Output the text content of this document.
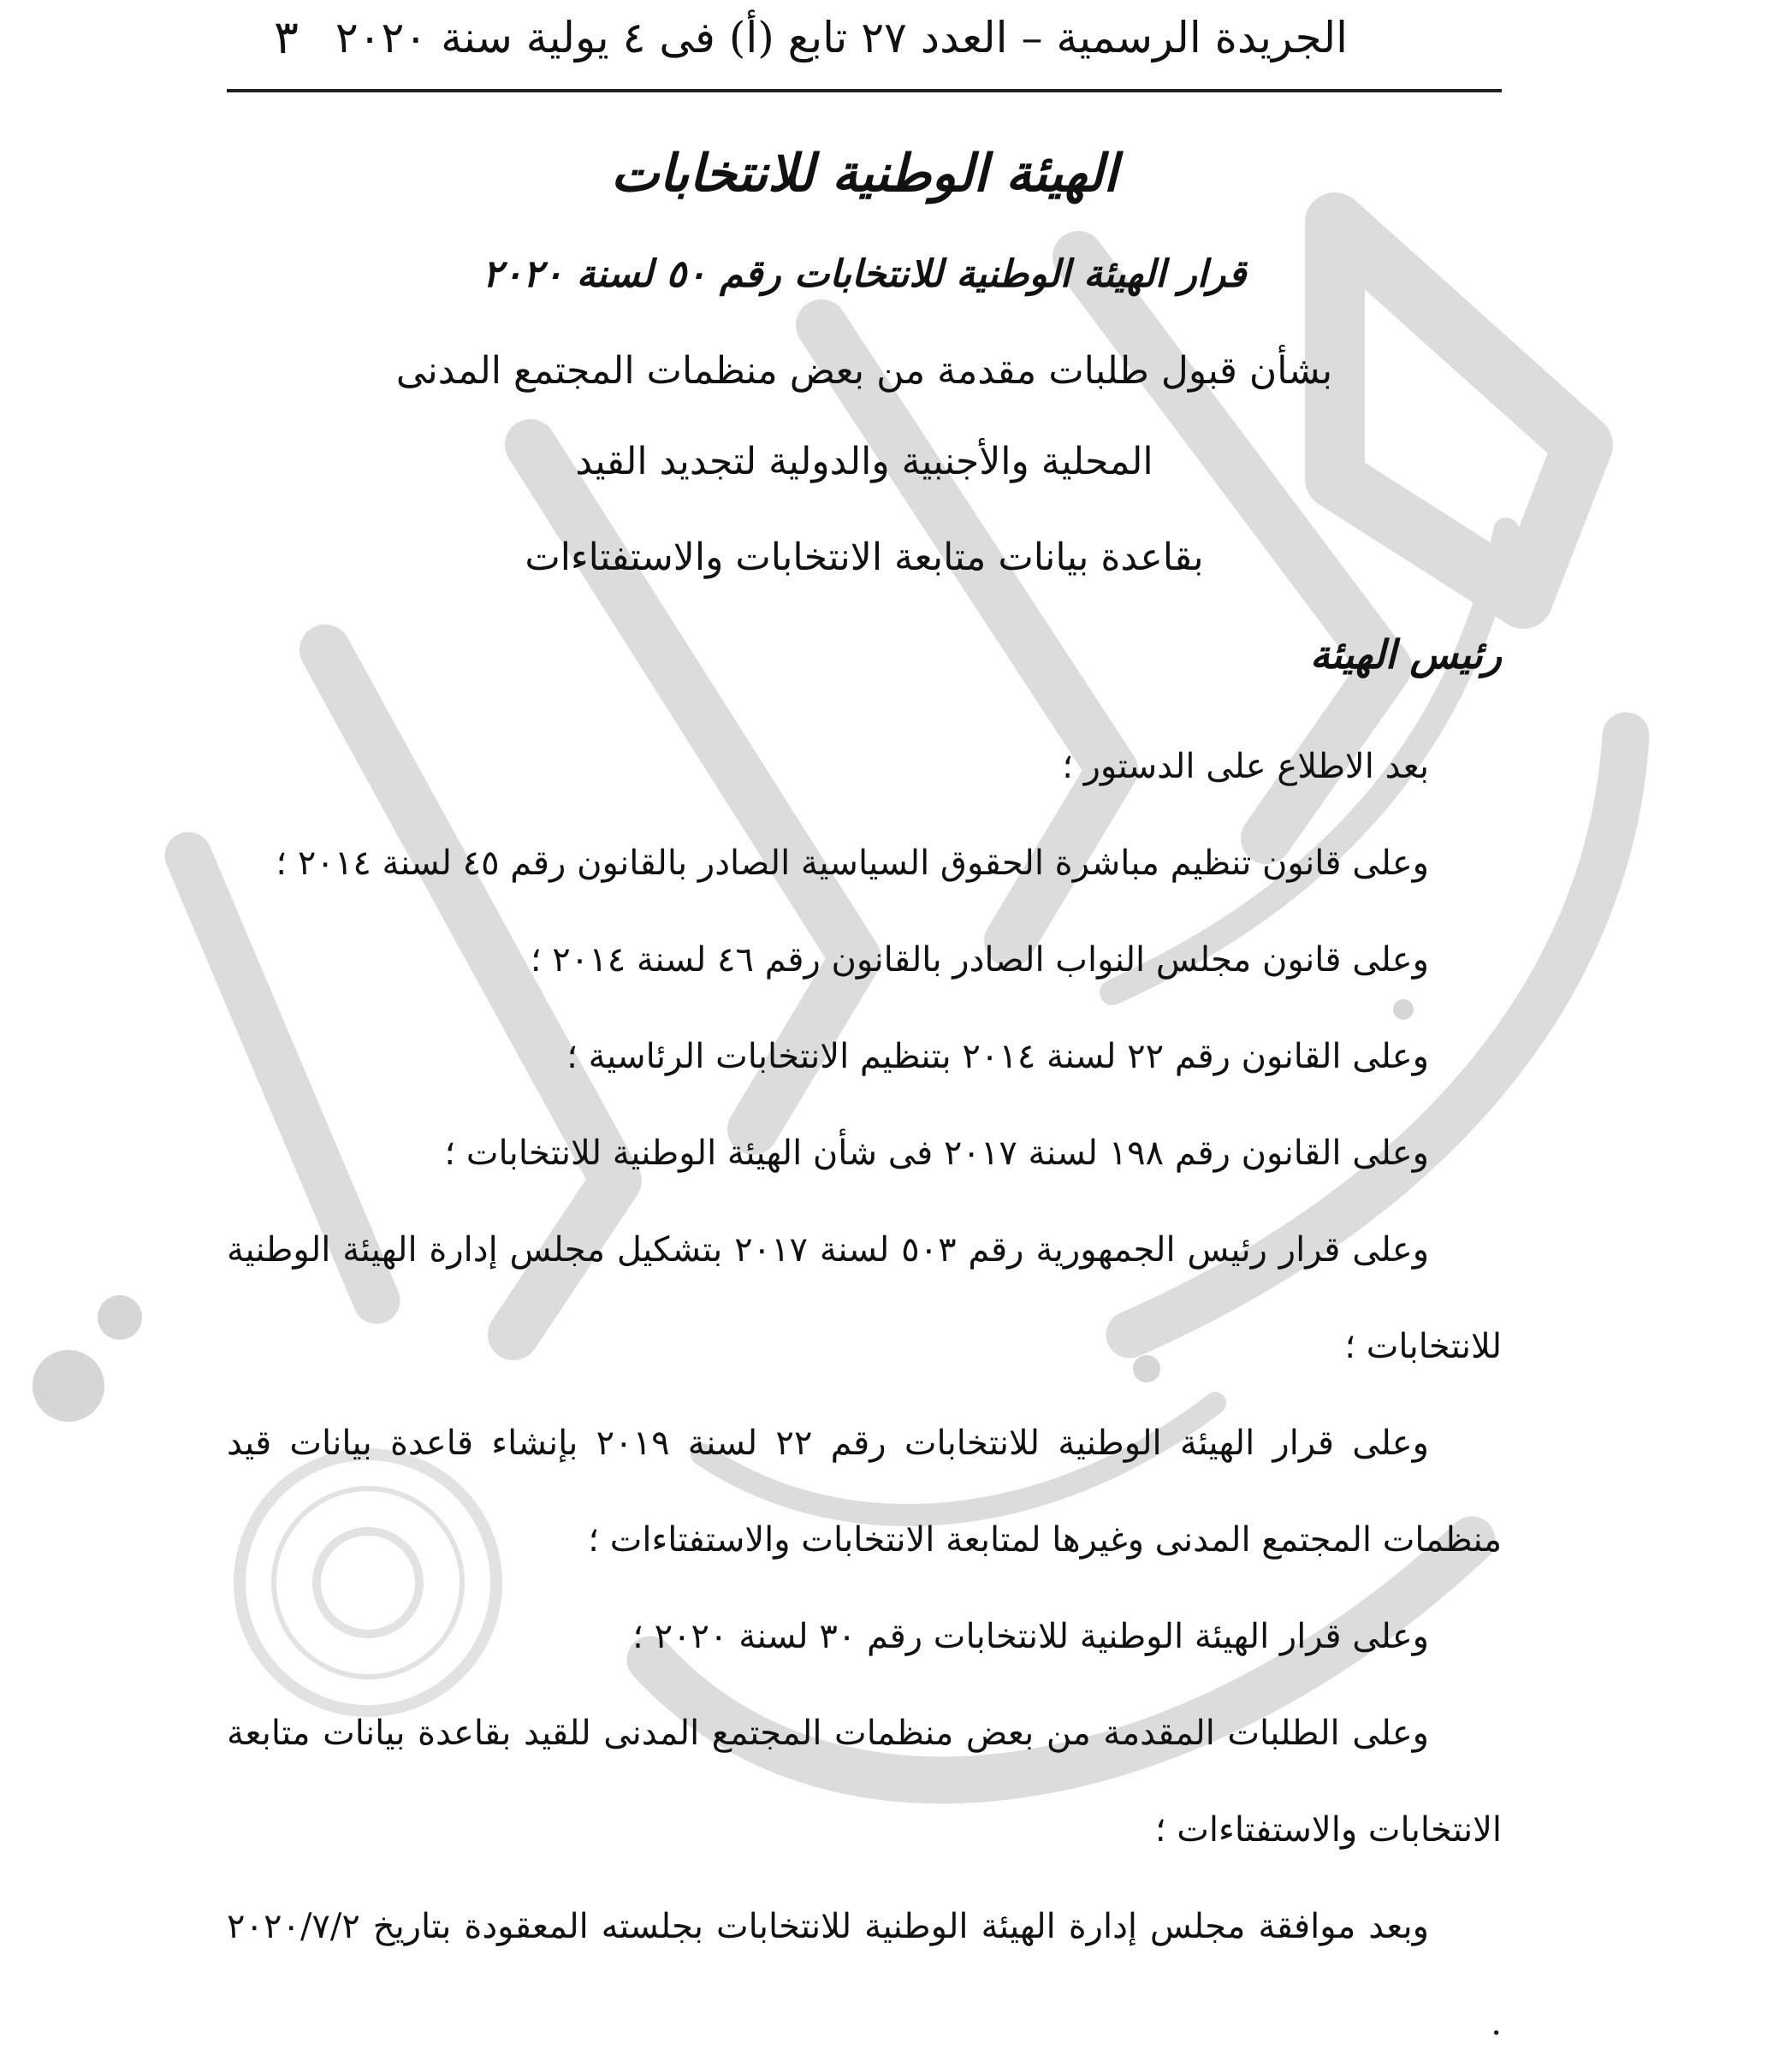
الجريدة الرسمية – العدد ٢٧ تابع (أ) فى ٤ يولية سنة ٢٠٢٠
٣
الهيئة الوطنية للانتخابات
قرار الهيئة الوطنية للانتخابات رقم ٥٠ لسنة ٢٠٢٠
بشأن قبول طلبات مقدمة من بعض منظمات المجتمع المدنى
المحلية والأجنبية والدولية لتجديد القيد
بقاعدة بيانات متابعة الانتخابات والاستفتاءات
رئيس الهيئة

بعد الاطلاع على الدستور ؛

وعلى قانون تنظيم مباشرة الحقوق السياسية الصادر بالقانون رقم ٤٥ لسنة ٢٠١٤ ؛

وعلى قانون مجلس النواب الصادر بالقانون رقم ٤٦ لسنة ٢٠١٤ ؛

وعلى القانون رقم ٢٢ لسنة ٢٠١٤ بتنظيم الانتخابات الرئاسية ؛

وعلى القانون رقم ١٩٨ لسنة ٢٠١٧ فى شأن الهيئة الوطنية للانتخابات ؛

وعلى قرار رئيس الجمهورية رقم ٥٠٣ لسنة ٢٠١٧ بتشكيل مجلس إدارة الهيئة الوطنية للانتخابات ؛

وعلى قرار الهيئة الوطنية للانتخابات رقم ٢٢ لسنة ٢٠١٩ بإنشاء قاعدة بيانات قيد منظمات المجتمع المدنى وغيرها لمتابعة الانتخابات والاستفتاءات ؛

وعلى قرار الهيئة الوطنية للانتخابات رقم ٣٠ لسنة ٢٠٢٠ ؛

وعلى الطلبات المقدمة من بعض منظمات المجتمع المدنى للقيد بقاعدة بيانات متابعة الانتخابات والاستفتاءات ؛

وبعد موافقة مجلس إدارة الهيئة الوطنية للانتخابات بجلسته المعقودة بتاريخ ٢٠٢٠/٧/٢ .
